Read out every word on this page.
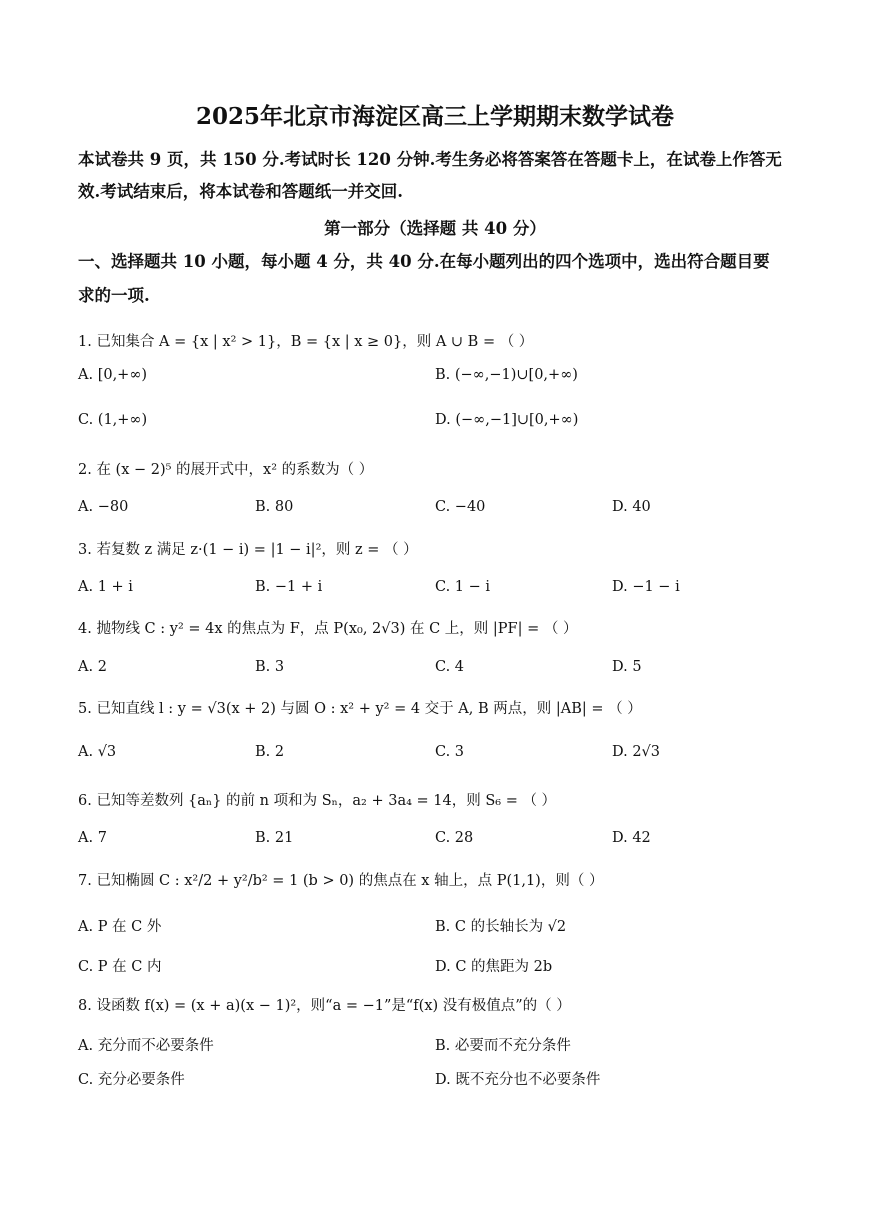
2025年北京市海淀区高三上学期期末数学试卷
本试卷共 9 页，共 150 分.考试时长 120 分钟.考生务必将答案答在答题卡上，在试卷上作答无
效.考试结束后，将本试卷和答题纸一并交回.
第一部分（选择题 共 40 分）
一、选择题共 10 小题，每小题 4 分，共 40 分.在每小题列出的四个选项中，选出符合题目要
求的一项.
1. 已知集合 A = {x | x² > 1}，B = {x | x ≥ 0}，则 A ∪ B = （ ）
A. [0,+∞)	B. (−∞,−1)∪[0,+∞)
C. (1,+∞)	D. (−∞,−1]∪[0,+∞)
2. 在 (x − 2)⁵ 的展开式中，x² 的系数为（ ）
A. −80	B. 80	C. −40	D. 40
3. 若复数 z 满足 z·(1 − i) = |1 − i|²，则 z = （ ）
A. 1 + i	B. −1 + i	C. 1 − i	D. −1 − i
4. 抛物线 C : y² = 4x 的焦点为 F，点 P(x₀, 2√3) 在 C 上，则 |PF| = （ ）
A. 2	B. 3	C. 4	D. 5
5. 已知直线 l : y = √3(x + 2) 与圆 O : x² + y² = 4 交于 A, B 两点，则 |AB| = （ ）
A. √3	B. 2	C. 3	D. 2√3
6. 已知等差数列 {aₙ} 的前 n 项和为 Sₙ，a₂ + 3a₄ = 14，则 S₆ = （ ）
A. 7	B. 21	C. 28	D. 42
7. 已知椭圆 C : x²/2 + y²/b² = 1 (b > 0) 的焦点在 x 轴上，点 P(1,1)，则（ ）
A. P 在 C 外	B. C 的长轴长为 √2
C. P 在 C 内	D. C 的焦距为 2b
8. 设函数 f(x) = (x + a)(x − 1)²，则“a = −1”是“f(x) 没有极值点”的（ ）
A. 充分而不必要条件	B. 必要而不充分条件
C. 充分必要条件	D. 既不充分也不必要条件
